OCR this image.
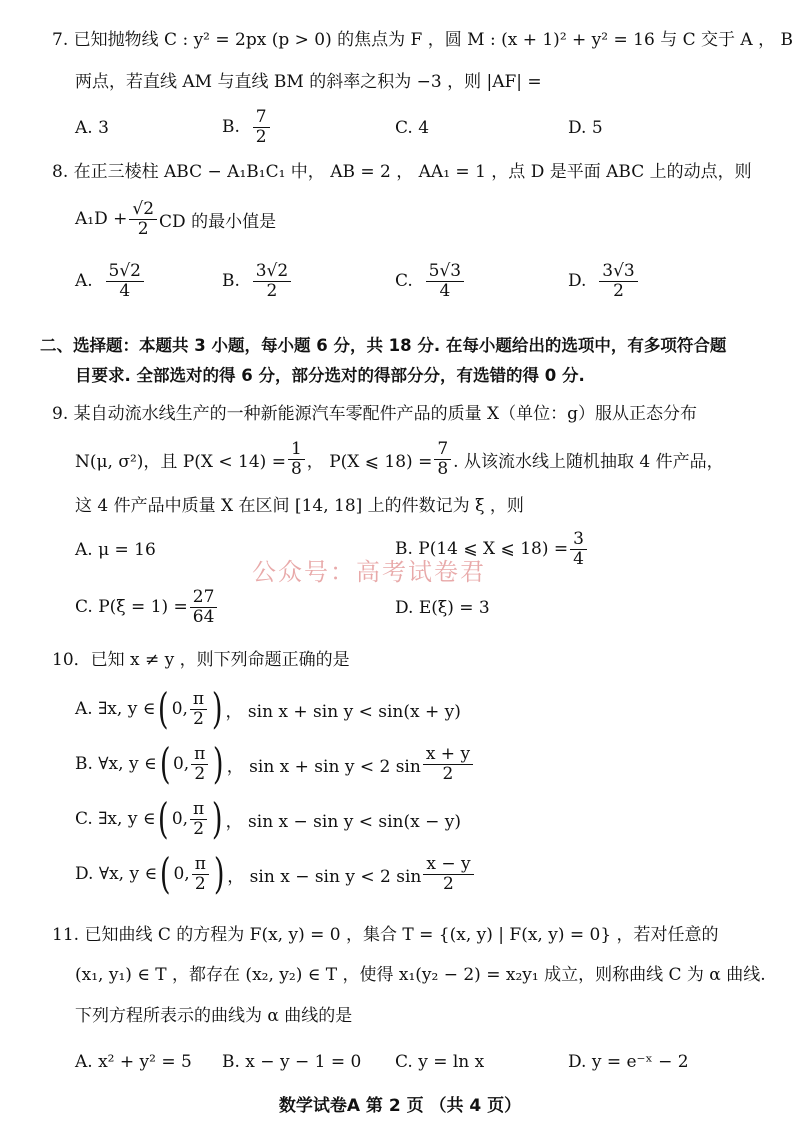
7. 已知抛物线 C : y² = 2px (p > 0) 的焦点为 F ，圆 M : (x + 1)² + y² = 16 与 C 交于 A ， B
两点，若直线 AM 与直线 BM 的斜率之积为 −3 ，则 |AF| =
A. 3	B.
$\frac{7}{2}$	C. 4	D. 5
8. 在正三棱柱 ABC − A₁B₁C₁ 中， AB = 2 ， AA₁ = 1 ，点 D 是平面 ABC 上的动点，则
$A_1D + \frac{√2}{2}$ CD 的最小值是
A.
$\frac{5√2}{4}$	B.
$\frac{3√2}{2}$	C.
$\frac{5√3}{4}$	D.
$\frac{3√3}{2}$
二、选择题：本题共 3 小题，每小题 6 分，共 18 分. 在每小题给出的选项中，有多项符合题
目要求. 全部选对的得 6 分，部分选对的得部分分，有选错的得 0 分.
9. 某自动流水线生产的一种新能源汽车零配件产品的质量 X（单位：g）服从正态分布
N(μ, σ²)，且 $P(X < 14) = \frac{1}{8}$ ， P(X ⩽ $18) = \frac{7}{8}$ . 从该流水线上随机抽取 4 件产品，
这 4 件产品中质量 X 在区间 [14, 18] 上的件数记为 ξ ，则
A. μ = 16	B. P(14 ⩽ X ⩽ $18) = \frac{3}{4}$
公众号：高考试卷君
C. $P(\xi = 1) = \frac{27}{64}$	D. E(ξ) = 3
10．已知 x ≠ y ，则下列命题正确的是
A. ∃x, y ∈ ( 0, $\frac{\pi}{2}$ ) ， sin x + sin y < sin(x + y)
B. ∀x, y ∈ ( 0, $\frac{\pi}{2}$ ) ， sin x + sin y < 2 $\sin \frac{x + y}{2}$
C. ∃x, y ∈ ( 0, $\frac{\pi}{2}$ ) ， sin x − sin y < sin(x − y)
D. ∀x, y ∈ ( 0, $\frac{\pi}{2}$ ) ， sin x − sin y < 2 $\sin \frac{x - y}{2}$
11. 已知曲线 C 的方程为 F(x, y) = 0 ，集合 T = {(x, y) | F(x, y) = 0} ，若对任意的
(x₁, y₁) ∈ T ，都存在 (x₂, y₂) ∈ T ，使得 x₁(y₂ − 2) = x₂y₁ 成立，则称曲线 C 为 α 曲线.
下列方程所表示的曲线为 α 曲线的是
A. x² + y² = 5 B. x − y − 1 = 0 C. y = ln x	D. y = e⁻ˣ − 2
数学试卷A 第 2 页 （共 4 页）
